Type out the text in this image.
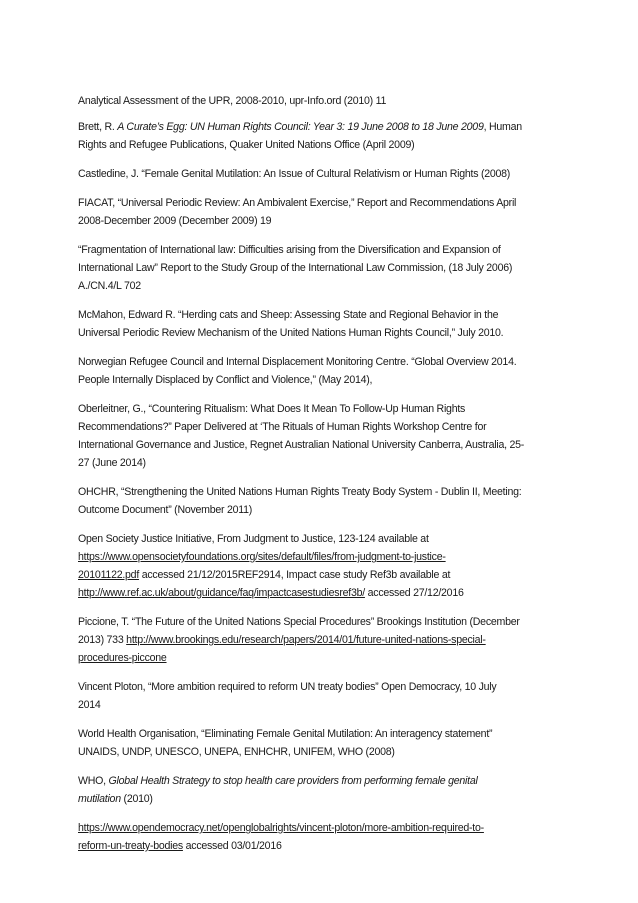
Analytical Assessment of the UPR, 2008-2010, upr-Info.ord (2010) 11

Brett, R. A Curate’s Egg: UN Human Rights Council: Year 3: 19 June 2008 to 18 June 2009, Human
Rights and Refugee Publications, Quaker United Nations Office (April 2009)

Castledine, J. “Female Genital Mutilation: An Issue of Cultural Relativism or Human Rights (2008)

FIACAT, “Universal Periodic Review: An Ambivalent Exercise,” Report and Recommendations April
2008-December 2009 (December 2009) 19

“Fragmentation of International law: Difficulties arising from the Diversification and Expansion of
International Law” Report to the Study Group of the International Law Commission, (18 July 2006)
A./CN.4/L 702

McMahon, Edward R. “Herding cats and Sheep: Assessing State and Regional Behavior in the
Universal Periodic Review Mechanism of the United Nations Human Rights Council,” July 2010.

Norwegian Refugee Council and Internal Displacement Monitoring Centre. “Global Overview 2014.
People Internally Displaced by Conflict and Violence,” (May 2014),

Oberleitner, G., “Countering Ritualism: What Does It Mean To Follow-Up Human Rights
Recommendations?” Paper Delivered at ‘The Rituals of Human Rights Workshop Centre for
International Governance and Justice, Regnet Australian National University Canberra, Australia, 25-
27 (June 2014)

OHCHR, “Strengthening the United Nations Human Rights Treaty Body System - Dublin II, Meeting:
Outcome Document” (November 2011)

Open Society Justice Initiative, From Judgment to Justice, 123-124 available at
https://www.opensocietyfoundations.org/sites/default/files/from-judgment-to-justice-
20101122.pdf accessed 21/12/2015REF2914, Impact case study Ref3b available at
http://www.ref.ac.uk/about/guidance/faq/impactcasestudiesref3b/ accessed 27/12/2016

Piccione, T. “The Future of the United Nations Special Procedures” Brookings Institution (December
2013) 733 http://www.brookings.edu/research/papers/2014/01/future-united-nations-special-
procedures-piccone

Vincent Ploton, “More ambition required to reform UN treaty bodies” Open Democracy, 10 July
2014

World Health Organisation, “Eliminating Female Genital Mutilation: An interagency statement”
UNAIDS, UNDP, UNESCO, UNEPA, ENHCHR, UNIFEM, WHO (2008)

WHO, Global Health Strategy to stop health care providers from performing female genital
mutilation (2010)

https://www.opendemocracy.net/openglobalrights/vincent-ploton/more-ambition-required-to-
reform-un-treaty-bodies accessed 03/01/2016
